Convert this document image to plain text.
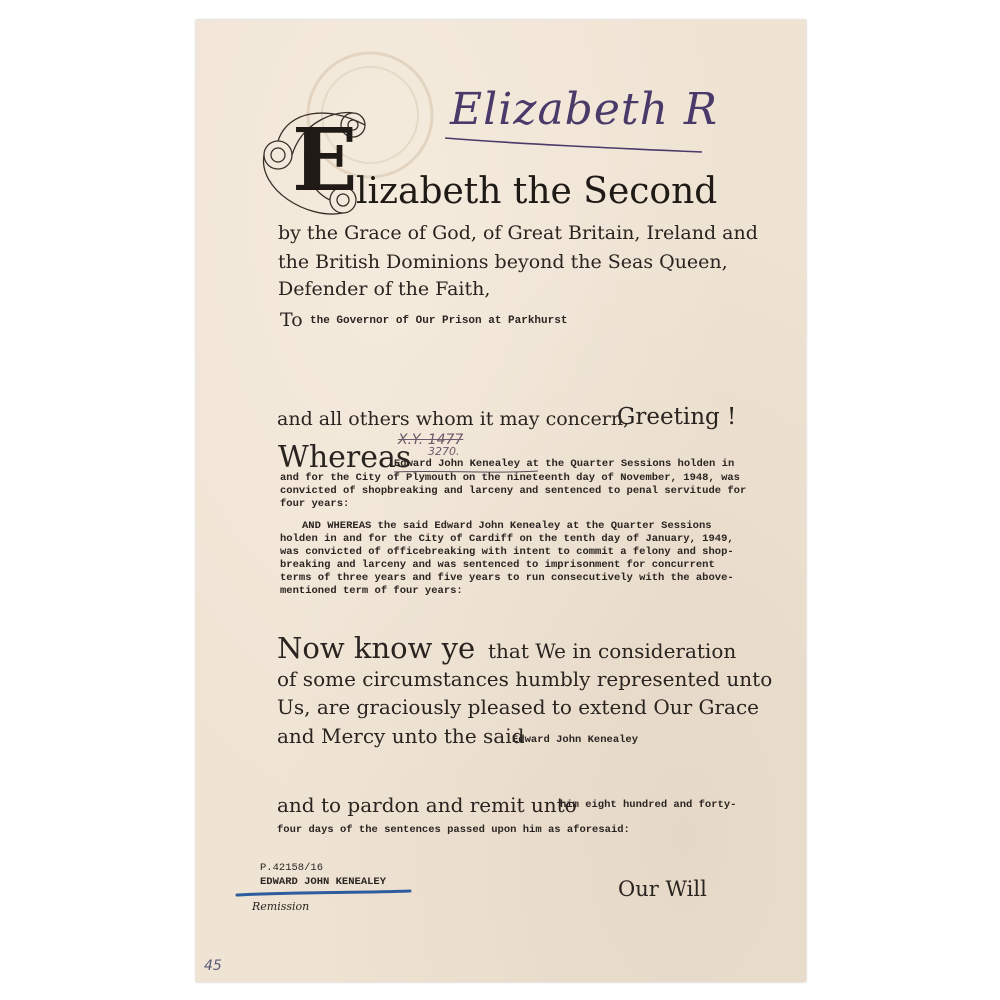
Elizabeth R
E
lizabeth the Second
by the Grace of God, of Great Britain, Ireland and
the British Dominions beyond the Seas Queen,
Defender of the Faith,
To the Governor of Our Prison at Parkhurst
and all others whom it may concern,
Greeting !
X.Y. 1477
3270.
Whereas
Edward John Kenealey at the Quarter Sessions holden in
and for the City of Plymouth on the nineteenth day of November, 1948, was
convicted of shopbreaking and larceny and sentenced to penal servitude for
four years:
AND WHEREAS the said Edward John Kenealey at the Quarter Sessions
holden in and for the City of Cardiff on the tenth day of January, 1949,
was convicted of officebreaking with intent to commit a felony and shop-
breaking and larceny and was sentenced to imprisonment for concurrent
terms of three years and five years to run consecutively with the above-
mentioned term of four years:
Now know ye that We in consideration
of some circumstances humbly represented unto
Us, are graciously pleased to extend Our Grace
and Mercy unto the said
Edward John Kenealey
and to pardon and remit unto
him eight hundred and forty-
four days of the sentences passed upon him as aforesaid:
P.42158/16
EDWARD JOHN KENEALEY
Remission
Our Will
45
